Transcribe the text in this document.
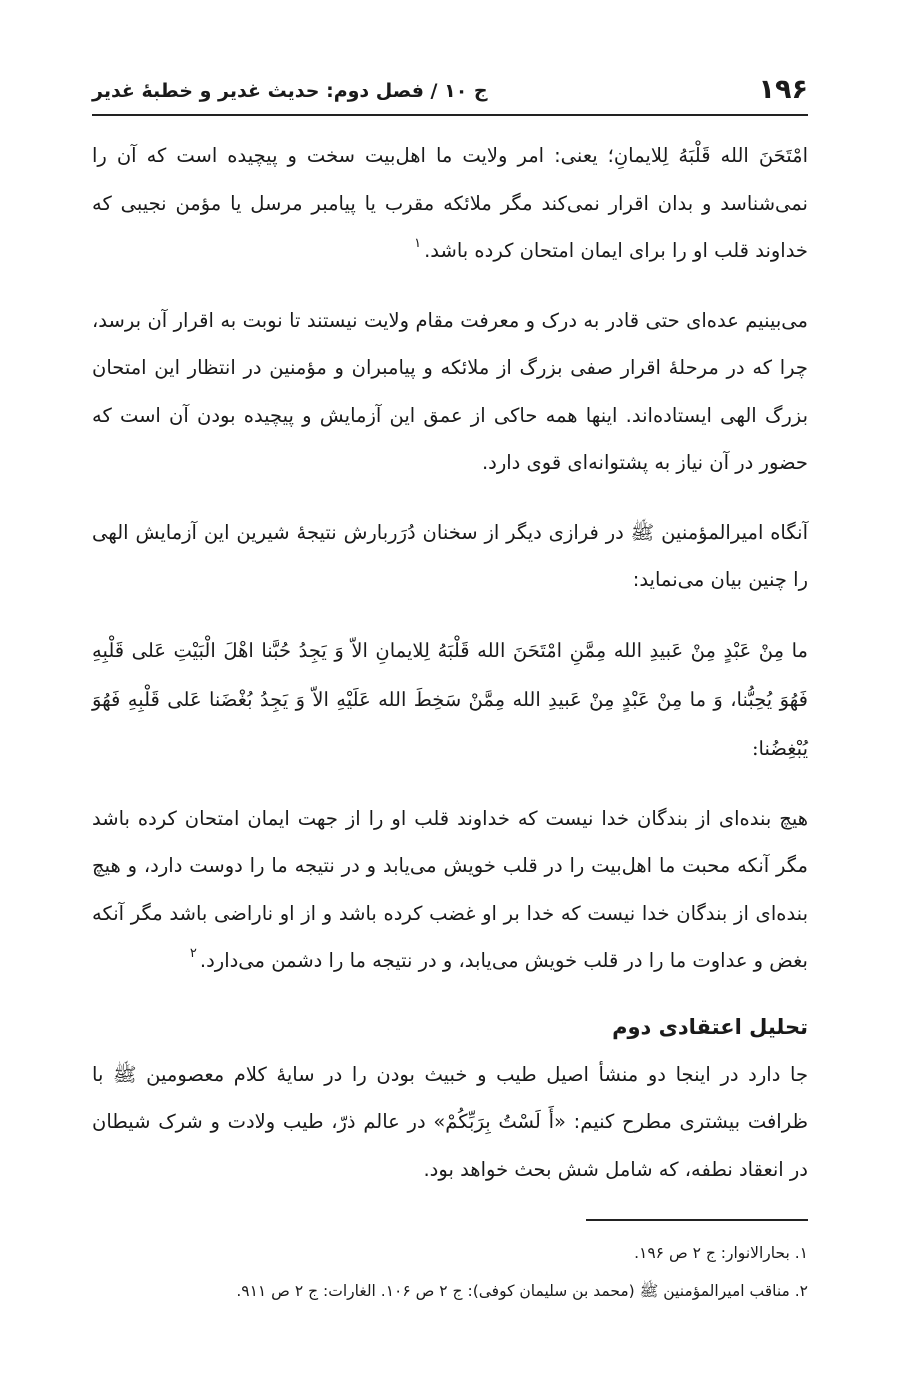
۱۹۶
ج ۱۰ / فصل دوم: حدیث غدیر و خطبهٔ غدیر

امْتَحَنَ الله قَلْبَهُ لِلایمانِ؛ یعنی: امر ولایت ما اهل‌بیت سخت و پیچیده است که آن را نمی‌شناسد و بدان اقرار نمی‌کند مگر ملائکه مقرب یا پیامبر مرسل یا مؤمن نجیبی که خداوند قلب او را برای ایمان امتحان کرده باشد.$^۱$

می‌بینیم عده‌ای حتی قادر به درک و معرفت مقام ولایت نیستند تا نوبت به اقرار آن برسد، چرا که در مرحلهٔ اقرار صفی بزرگ از ملائکه و پیامبران و مؤمنین در انتظار این امتحان بزرگ الهی ایستاده‌اند. اینها همه حاکی از عمق این آزمایش و پیچیده بودن آن است که حضور در آن نیاز به پشتوانه‌ای قوی دارد.

آنگاه امیرالمؤمنین ﷺ در فرازی دیگر از سخنان دُرَربارش نتیجهٔ شیرین این آزمایش الهی را چنین بیان می‌نماید:

ما مِنْ عَبْدٍ مِنْ عَبیدِ الله مِمَّنِ امْتَحَنَ الله قَلْبَهُ لِلایمانِ الاّ وَ یَجِدُ حُبَّنا اهْلَ الْبَیْتِ عَلی قَلْبِهِ فَهُوَ یُحِبُّنا، وَ ما مِنْ عَبْدٍ مِنْ عَبیدِ الله مِمَّنْ سَخِطَ الله عَلَیْهِ الاّ وَ یَجِدُ بُغْضَنا عَلی قَلْبِهِ فَهُوَ یُبْغِضُنا:

هیچ بنده‌ای از بندگان خدا نیست که خداوند قلب او را از جهت ایمان امتحان کرده باشد مگر آنکه محبت ما اهل‌بیت را در قلب خویش می‌یابد و در نتیجه ما را دوست دارد، و هیچ بنده‌ای از بندگان خدا نیست که خدا بر او غضب کرده باشد و از او ناراضی باشد مگر آنکه بغض و عداوت ما را در قلب خویش می‌یابد، و در نتیجه ما را دشمن می‌دارد.$^۲$

تحلیل اعتقادی دوم

جا دارد در اینجا دو منشأ اصیل طیب و خبیث بودن را در سایهٔ کلام معصومین ﷺ با ظرافت بیشتری مطرح کنیم: «أَ لَسْتُ بِرَبِّکُمْ» در عالم ذرّ، طیب ولادت و شرک شیطان در انعقاد نطفه، که شامل شش بحث خواهد بود.

۱. بحارالانوار: ج ۲ ص ۱۹۶.
۲. مناقب امیرالمؤمنین ﷺ (محمد بن سلیمان کوفی): ج ۲ ص ۱۰۶. الغارات: ج ۲ ص ۹۱۱.
